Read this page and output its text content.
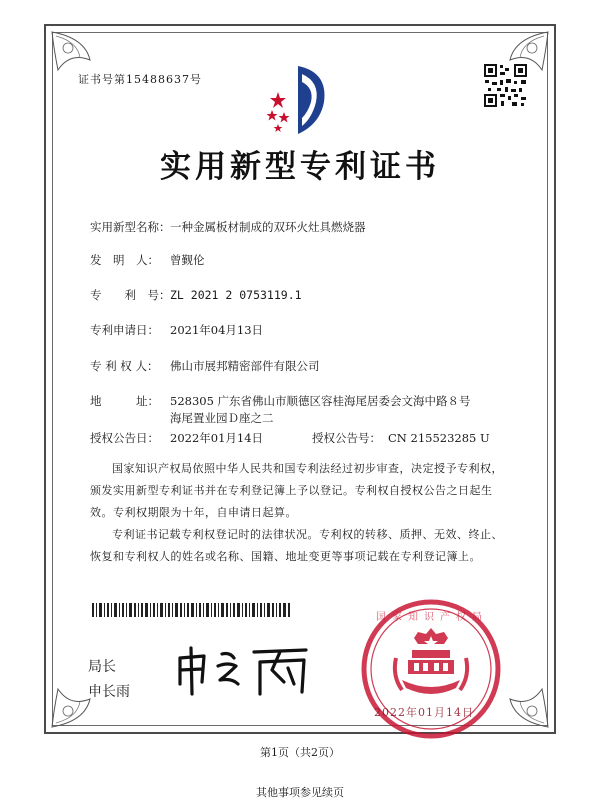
证书号第15488637号
实用新型专利证书
实用新型名称： 一种金属板材制成的双环火灶具燃烧器
发　明　人： 曾觐伦
专　　利　号： ZL 2021 2 0753119.1
专利申请日： 2021年04月13日
专 利 权 人： 佛山市展邦精密部件有限公司
地　　　址： 528305 广东省佛山市顺德区容桂海尾居委会文海中路８号
海尾置业园Ｄ座之二
授权公告日： 2022年01月14日	授权公告号： CN 215523285 U
国家知识产权局依照中华人民共和国专利法经过初步审查，决定授予专利权，颁发实用新型专利证书并在专利登记簿上予以登记。专利权自授权公告之日起生效。专利权期限为十年，自申请日起算。
专利证书记载专利权登记时的法律状况。专利权的转移、质押、无效、终止、恢复和专利权人的姓名或名称、国籍、地址变更等事项记载在专利登记簿上。
局长
申长雨
国家知识产权局
2022年01月14日
第1页（共2页）
其他事项参见续页
